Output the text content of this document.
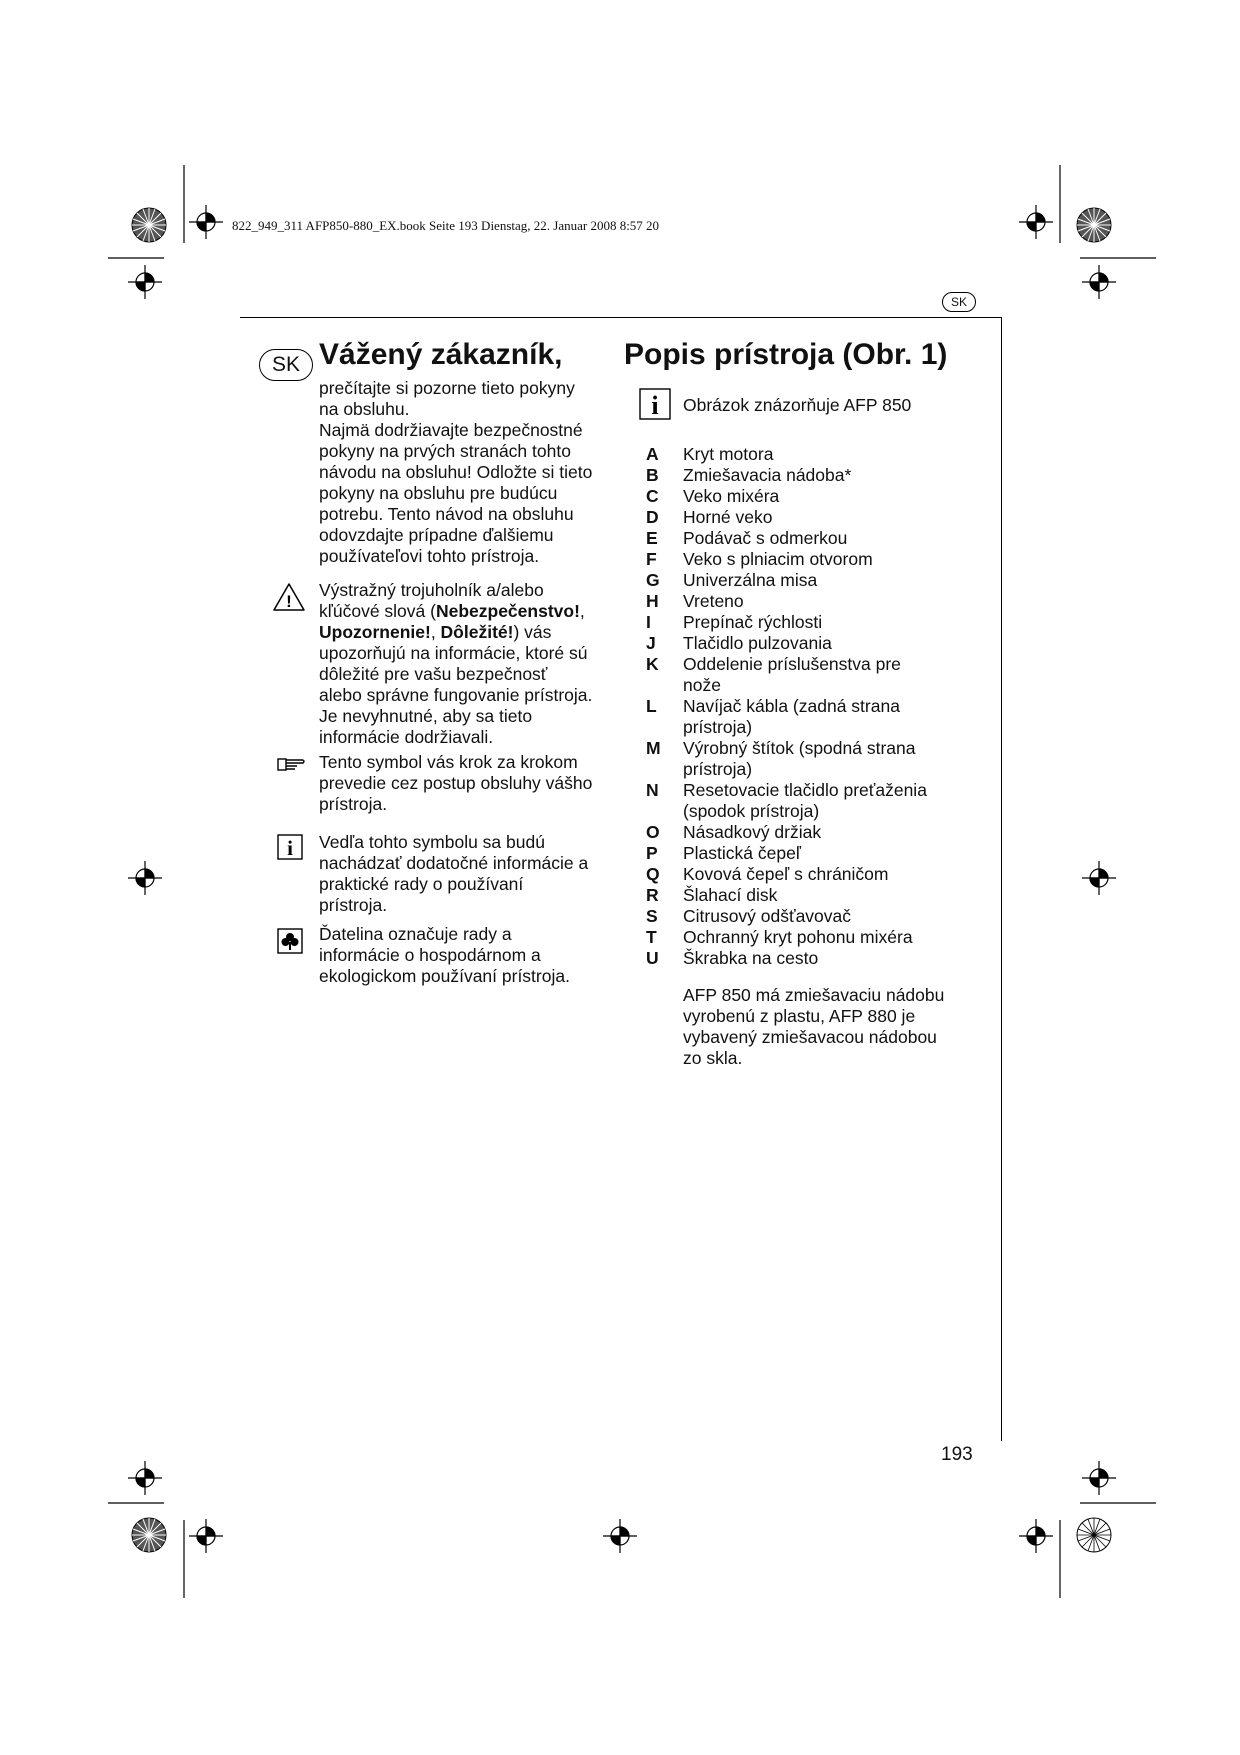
822_949_311 AFP850-880_EX.book Seite 193 Dienstag, 22. Januar 2008 8:57 20
SK
SK Vážený zákazník,
prečítajte si pozorne tieto pokyny
na obsluhu.
Najmä dodržiavajte bezpečnostné
pokyny na prvých stranách tohto
návodu na obsluhu! Odložte si tieto
pokyny na obsluhu pre budúcu
potrebu. Tento návod na obsluhu
odovzdajte prípadne ďalšiemu
používateľovi tohto prístroja.
!
Výstražný trojuholník a/alebo
kľúčové slová (Nebezpečenstvo!,
Upozornenie!, Dôležité!) vás
upozorňujú na informácie, ktoré sú
dôležité pre vašu bezpečnosť
alebo správne fungovanie prístroja.
Je nevyhnutné, aby sa tieto
informácie dodržiavali.
Tento symbol vás krok za krokom
prevedie cez postup obsluhy vášho
prístroja.
i Vedľa tohto symbolu sa budú
nachádzať dodatočné informácie a
praktické rady o používaní
prístroja.
Ďatelina označuje rady a
informácie o hospodárnom a
ekologickom používaní prístroja.
Popis prístroja (Obr. 1)
i Obrázok znázorňuje AFP 850
A	Kryt motora
B	Zmiešavacia nádoba*
C	Veko mixéra
D	Horné veko
E	Podávač s odmerkou
F	Veko s plniacim otvorom
G	Univerzálna misa
H	Vreteno
I	Prepínač rýchlosti
J	Tlačidlo pulzovania
K	Oddelenie príslušenstva pre
nože
L	Navíjač kábla (zadná strana
prístroja)
M	Výrobný štítok (spodná strana
prístroja)
N	Resetovacie tlačidlo preťaženia
(spodok prístroja)
O	Násadkový držiak
P	Plastická čepeľ
Q	Kovová čepeľ s chráničom
R	Šlahací disk
S	Citrusový odšťavovač
T	Ochranný kryt pohonu mixéra
U	Škrabka na cesto
AFP 850 má zmiešavaciu nádobu
vyrobenú z plastu, AFP 880 je
vybavený zmiešavacou nádobou
zo skla.
193
